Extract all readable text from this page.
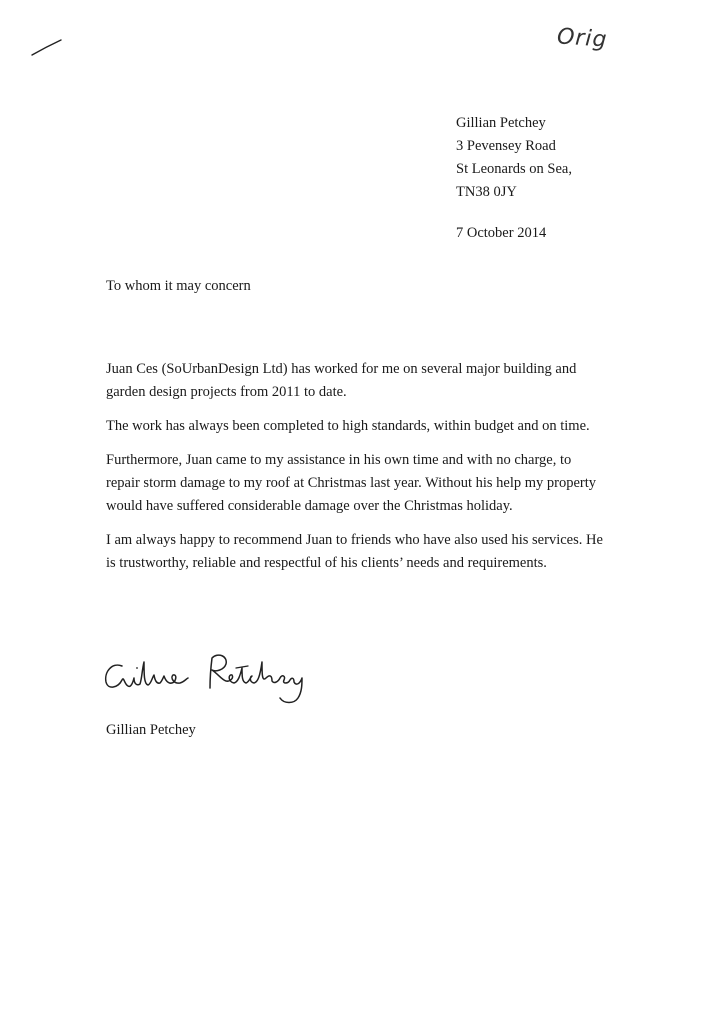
Orig
Gillian Petchey
3 Pevensey Road
St Leonards on Sea,
TN38 0JY
7 October 2014
To whom it may concern

Juan Ces (SoUrbanDesign Ltd) has worked for me on several major building and garden design projects from 2011 to date.

The work has always been completed to high standards, within budget and on time.

Furthermore, Juan came to my assistance in his own time and with no charge, to repair storm damage to my roof at Christmas last year. Without his help my property would have suffered considerable damage over the Christmas holiday.

I am always happy to recommend Juan to friends who have also used his services. He is trustworthy, reliable and respectful of his clients’ needs and requirements.

Gillian Petchey
